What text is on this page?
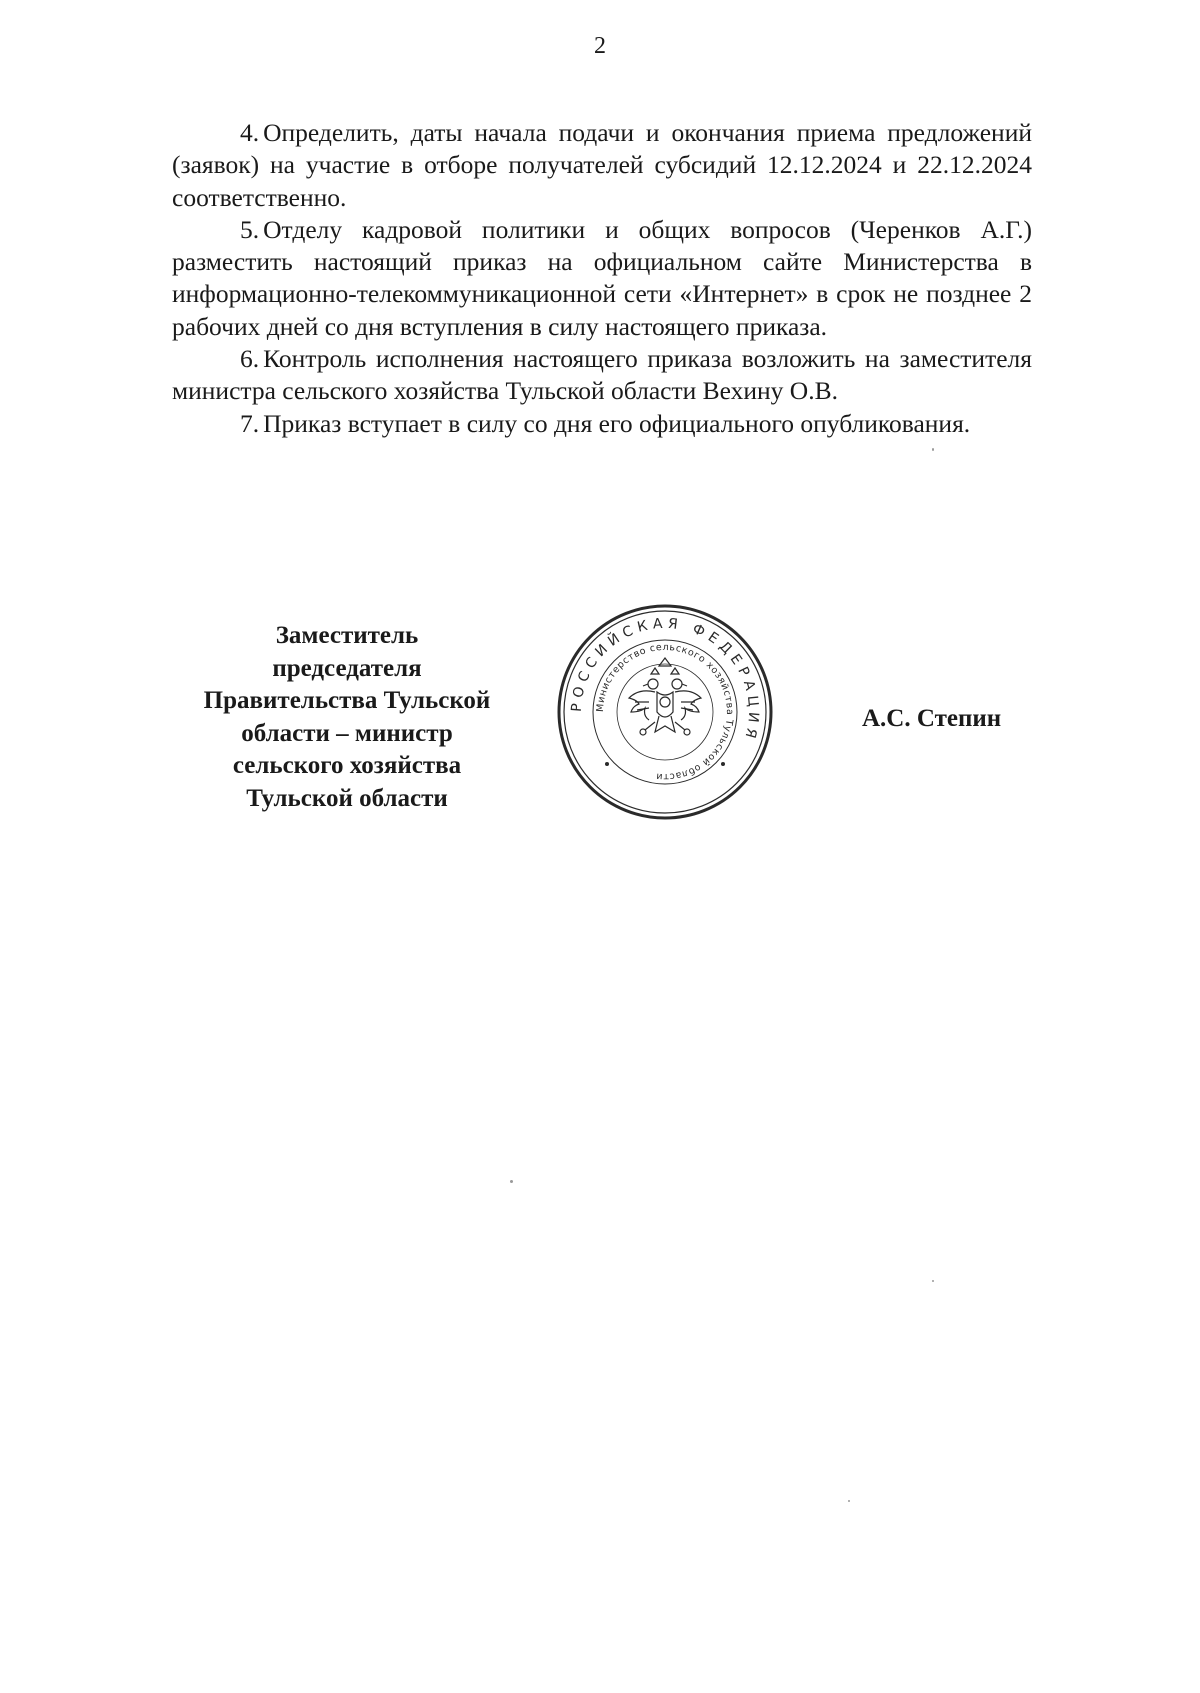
2

4. Определить, даты начала подачи и окончания приема предложений (заявок) на участие в отборе получателей субсидий 12.12.2024 и 22.12.2024 соответственно.

5. Отделу кадровой политики и общих вопросов (Черенков А.Г.) разместить настоящий приказ на официальном сайте Министерства в информационно-телекоммуникационной сети «Интернет» в срок не позднее 2 рабочих дней со дня вступления в силу настоящего приказа.

6. Контроль исполнения настоящего приказа возложить на заместителя министра сельского хозяйства Тульской области Вехину О.В.

7. Приказ вступает в силу со дня его официального опубликования.

Заместитель
председателя
Правительства Тульской
области – министр
сельского хозяйства
Тульской области
РОССИЙСКАЯ ФЕДЕРАЦИЯ
Министерство сельского хозяйства Тульской области
А.С. Степин
